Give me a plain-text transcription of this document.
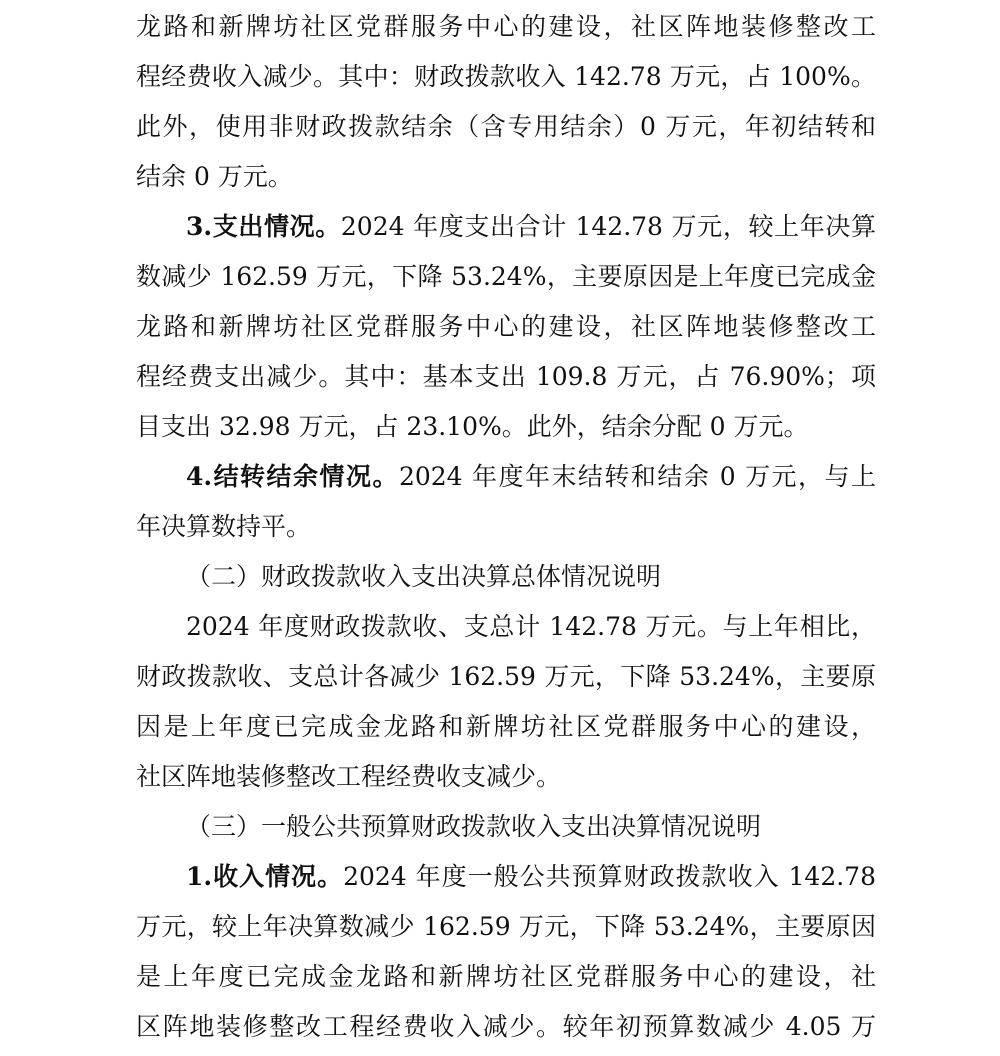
龙路和新牌坊社区党群服务中心的建设，社区阵地装修整改工
程经费收入减少。其中：财政拨款收入 142.78 万元，占 100%。
此外，使用非财政拨款结余（含专用结余）0 万元，年初结转和
结余 0 万元。
3.支出情况。2024 年度支出合计 142.78 万元，较上年决算
数减少 162.59 万元，下降 53.24%，主要原因是上年度已完成金
龙路和新牌坊社区党群服务中心的建设，社区阵地装修整改工
程经费支出减少。其中：基本支出 109.8 万元，占 76.90%；项
目支出 32.98 万元，占 23.10%。此外，结余分配 0 万元。
4.结转结余情况。2024 年度年末结转和结余 0 万元，与上
年决算数持平。
（二）财政拨款收入支出决算总体情况说明
2024 年度财政拨款收、支总计 142.78 万元。与上年相比，
财政拨款收、支总计各减少 162.59 万元，下降 53.24%，主要原
因是上年度已完成金龙路和新牌坊社区党群服务中心的建设，
社区阵地装修整改工程经费收支减少。
（三）一般公共预算财政拨款收入支出决算情况说明
1.收入情况。2024 年度一般公共预算财政拨款收入 142.78
万元，较上年决算数减少 162.59 万元，下降 53.24%，主要原因
是上年度已完成金龙路和新牌坊社区党群服务中心的建设，社
区阵地装修整改工程经费收入减少。较年初预算数减少 4.05 万
